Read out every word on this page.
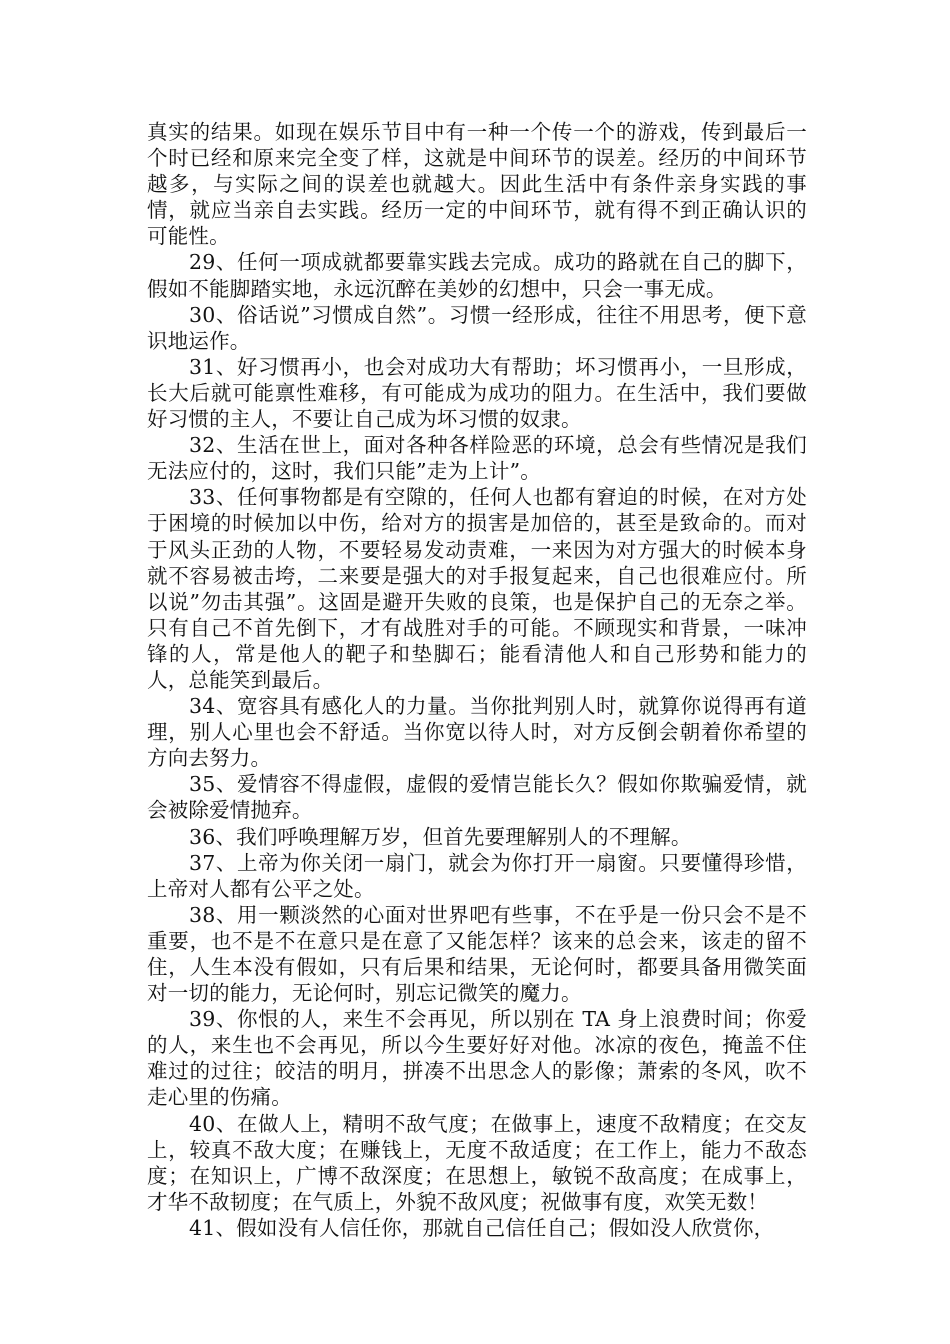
真实的结果。如现在娱乐节目中有一种一个传一个的游戏，传到最后一个时已经和原来完全变了样，这就是中间环节的误差。经历的中间环节越多，与实际之间的误差也就越大。因此生活中有条件亲身实践的事情，就应当亲自去实践。经历一定的中间环节，就有得不到正确认识的可能性。

29、任何一项成就都要靠实践去完成。成功的路就在自己的脚下，假如不能脚踏实地，永远沉醉在美妙的幻想中，只会一事无成。

30、俗话说”习惯成自然”。习惯一经形成，往往不用思考，便下意识地运作。

31、好习惯再小，也会对成功大有帮助；坏习惯再小，一旦形成，长大后就可能禀性难移，有可能成为成功的阻力。在生活中，我们要做好习惯的主人，不要让自己成为坏习惯的奴隶。

32、生活在世上，面对各种各样险恶的环境，总会有些情况是我们无法应付的，这时，我们只能”走为上计”。

33、任何事物都是有空隙的，任何人也都有窘迫的时候，在对方处于困境的时候加以中伤，给对方的损害是加倍的，甚至是致命的。而对于风头正劲的人物，不要轻易发动责难，一来因为对方强大的时候本身就不容易被击垮，二来要是强大的对手报复起来，自己也很难应付。所以说”勿击其强”。这固是避开失败的良策，也是保护自己的无奈之举。只有自己不首先倒下，才有战胜对手的可能。不顾现实和背景，一味冲锋的人，常是他人的靶子和垫脚石；能看清他人和自己形势和能力的人，总能笑到最后。

34、宽容具有感化人的力量。当你批判别人时，就算你说得再有道理，别人心里也会不舒适。当你宽以待人时，对方反倒会朝着你希望的方向去努力。

35、爱情容不得虚假，虚假的爱情岂能长久？假如你欺骗爱情，就会被除爱情抛弃。

36、我们呼唤理解万岁，但首先要理解别人的不理解。

37、上帝为你关闭一扇门，就会为你打开一扇窗。只要懂得珍惜，上帝对人都有公平之处。

38、用一颗淡然的心面对世界吧有些事，不在乎是一份只会不是不重要，也不是不在意只是在意了又能怎样？该来的总会来，该走的留不住，人生本没有假如，只有后果和结果，无论何时，都要具备用微笑面对一切的能力，无论何时，别忘记微笑的魔力。

39、你恨的人，来生不会再见，所以别在 TA 身上浪费时间；你爱的人，来生也不会再见，所以今生要好好对他。冰凉的夜色，掩盖不住难过的过往；皎洁的明月，拼凑不出思念人的影像；萧索的冬风，吹不走心里的伤痛。

40、在做人上，精明不敌气度；在做事上，速度不敌精度；在交友上，较真不敌大度；在赚钱上，无度不敌适度；在工作上，能力不敌态度；在知识上，广博不敌深度；在思想上，敏锐不敌高度；在成事上，才华不敌韧度；在气质上，外貌不敌风度；祝做事有度，欢笑无数！

41、假如没有人信任你，那就自己信任自己；假如没人欣赏你，
